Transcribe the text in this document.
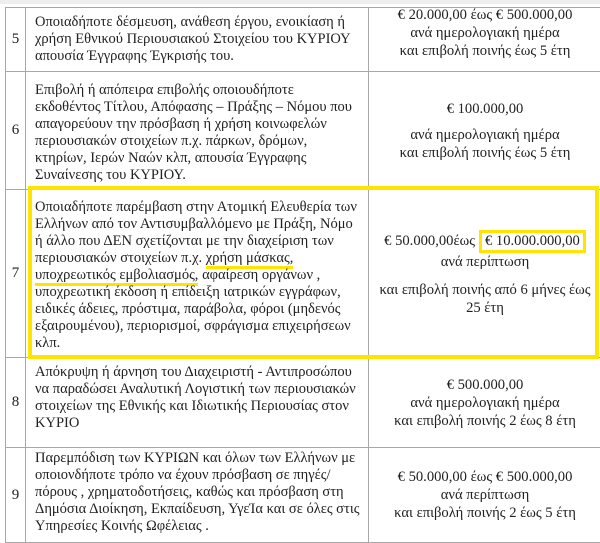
5
Οποιαδήποτε δέσμευση, ανάθεση έργου, ενοικίαση ή χρήση Εθνικού Περιουσιακού Στοιχείου του ΚΥΡΙΟΥ απουσία Έγγραφης Έγκρισής του.
€ 20.000,00 έως € 500.000,00
ανά ημερολογιακή ημέρα
και επιβολή ποινής έως 5 έτη
6
Επιβολή ή απόπειρα επιβολής οποιουδήποτε εκδοθέντος Τίτλου, Απόφασης – Πράξης – Νόμου που απαγορεύουν την πρόσβαση ή χρήση κοινωφελών περιουσιακών στοιχείων π.χ. πάρκων, δρόμων, κτηρίων, Ιερών Ναών κλπ, απουσία Έγγραφης Συναίνεσης του ΚΥΡΙΟΥ.
€ 100.000,00
ανά ημερολογιακή ημέρα
και επιβολή ποινής έως 5 έτη
7
Οποιαδήποτε παρέμβαση στην Ατομική Ελευθερία των Ελλήνων από τον Αντισυμβαλλόμενο με Πράξη, Νόμο ή άλλο που ΔΕΝ σχετίζονται με την διαχείριση των περιουσιακών στοιχείων π.χ. χρήση μάσκας, υποχρεωτικός εμβολιασμός, αφαίρεση οργάνων , υποχρεωτική έκδοση ή επίδειξη ιατρικών εγγράφων, ειδικές άδειες, πρόστιμα, παράβολα, φόροι (μηδενός εξαιρουμένου), περιορισμοί, σφράγισμα επιχειρήσεων κλπ.
€ 50.000,00έως € 10.000.000,00
ανά περίπτωση
και επιβολή ποινής από 6 μήνες έως 25 έτη
8
Απόκρυψη ή άρνηση του Διαχειριστή - Αντιπροσώπου να παραδώσει Αναλυτική Λογιστική των περιουσιακών στοιχείων της Εθνικής και Ιδιωτικής Περιουσίας στον ΚΥΡΙΟ
€ 500.000,00
ανά ημερολογιακή ημέρα
και επιβολή ποινής 2 έως 8 έτη
9
Παρεμπόδιση των ΚΥΡΙΩΝ και όλων των Ελλήνων με οποιονδήποτε τρόπο να έχουν πρόσβαση σε πηγές/πόρους , χρηματοδοτήσεις, καθώς και πρόσβαση στη Δημόσια Διοίκηση, Εκπαίδευση, ΥγεΊα και σε όλες στις Υπηρεσίες Κοινής Ωφέλειας .
€ 50.000,00 έως € 500.000,00
ανά περίπτωση
και επιβολή ποινής 2 έως 5 έτη
